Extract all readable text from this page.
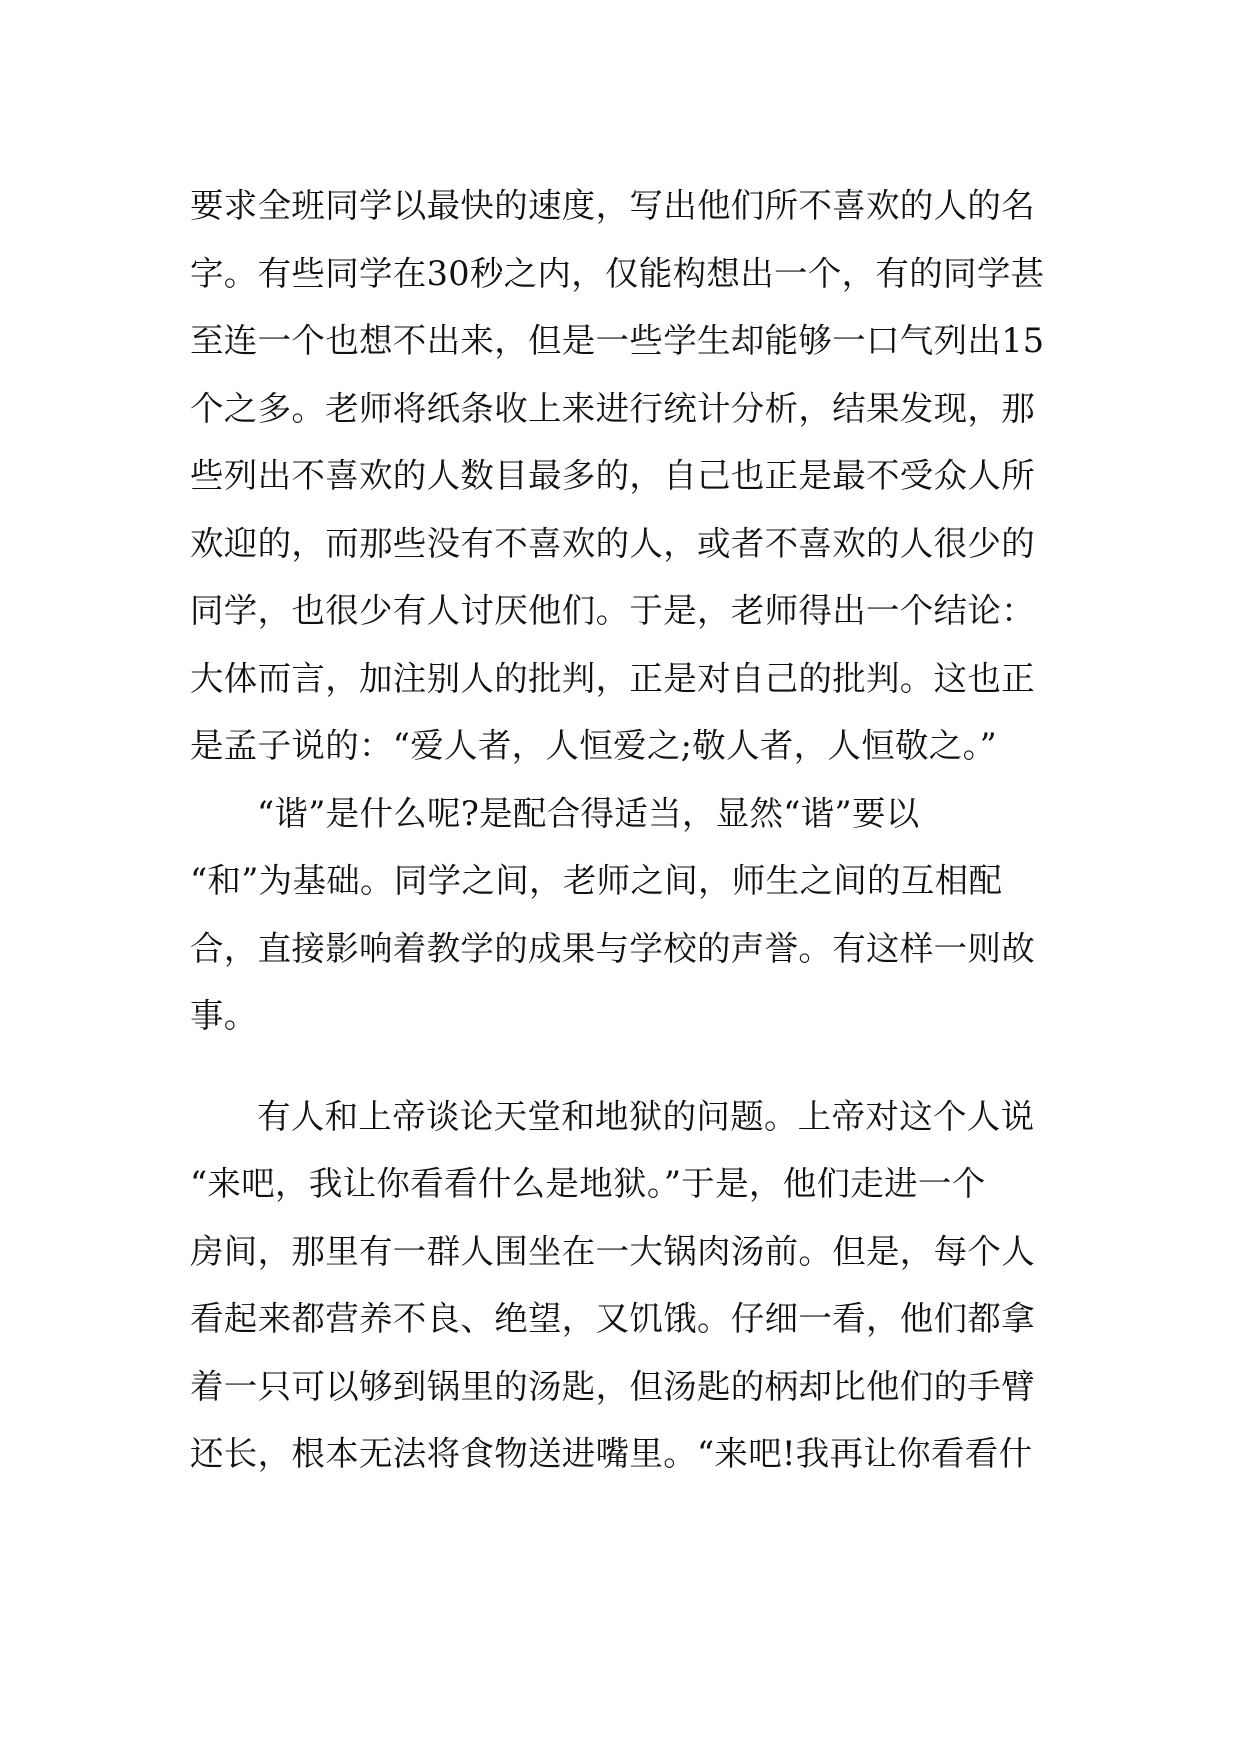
要求全班同学以最快的速度，写出他们所不喜欢的人的名
字。有些同学在30秒之内，仅能构想出一个，有的同学甚
至连一个也想不出来，但是一些学生却能够一口气列出15
个之多。老师将纸条收上来进行统计分析，结果发现，那
些列出不喜欢的人数目最多的，自己也正是最不受众人所
欢迎的，而那些没有不喜欢的人，或者不喜欢的人很少的
同学，也很少有人讨厌他们。于是，老师得出一个结论：
大体而言，加注别人的批判，正是对自己的批判。这也正
是孟子说的：“爱人者，人恒爱之;敬人者，人恒敬之。”
“谐”是什么呢?是配合得适当，显然“谐”要以
“和”为基础。同学之间，老师之间，师生之间的互相配
合，直接影响着教学的成果与学校的声誉。有这样一则故
事。
有人和上帝谈论天堂和地狱的问题。上帝对这个人说
“来吧，我让你看看什么是地狱。”于是，他们走进一个
房间，那里有一群人围坐在一大锅肉汤前。但是，每个人
看起来都营养不良、绝望，又饥饿。仔细一看，他们都拿
着一只可以够到锅里的汤匙，但汤匙的柄却比他们的手臂
还长，根本无法将食物送进嘴里。“来吧!我再让你看看什
